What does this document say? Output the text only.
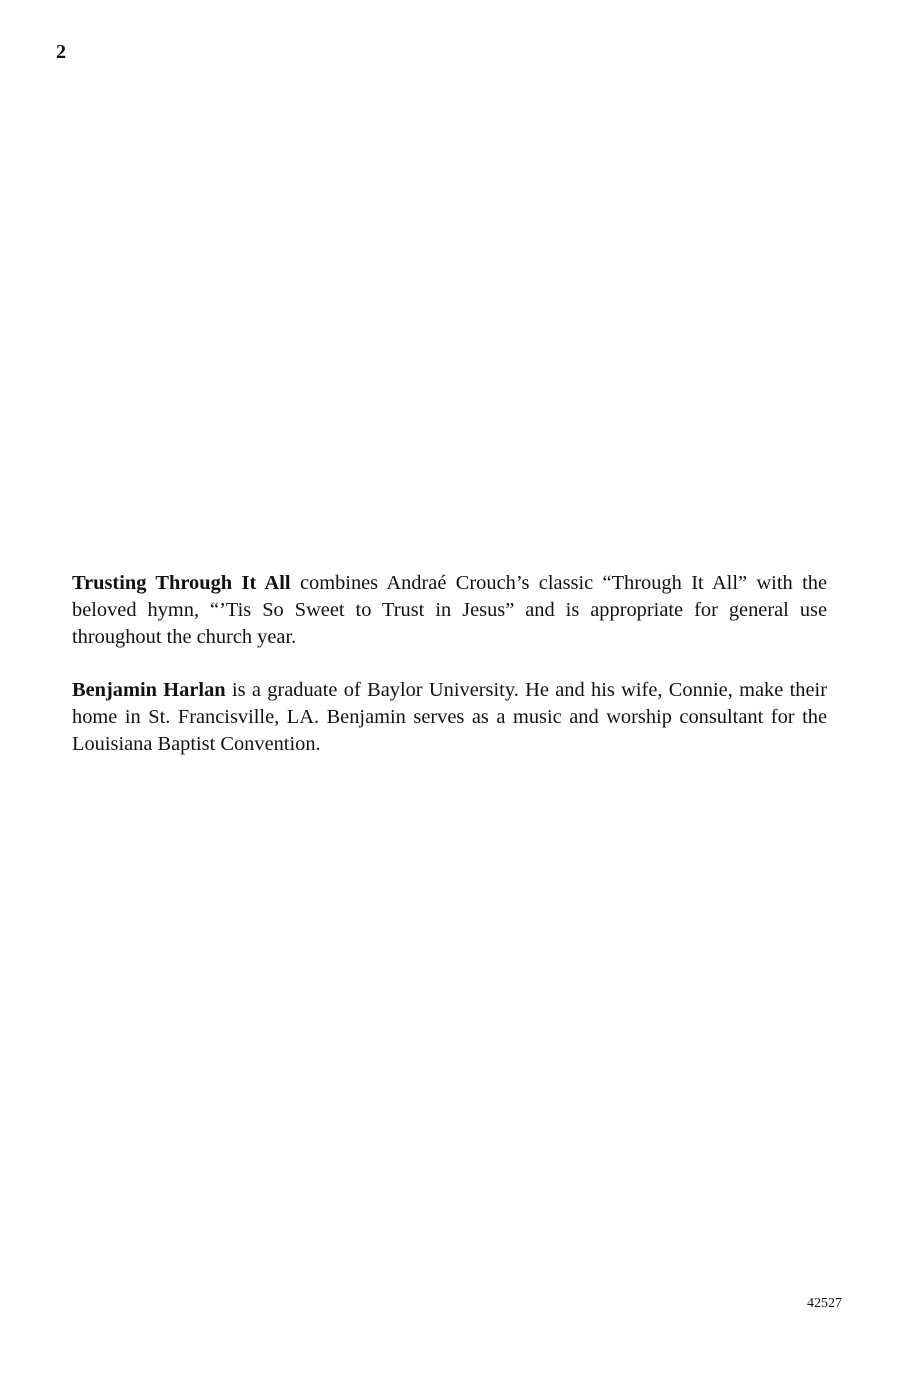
2

Trusting Through It All combines Andraé Crouch’s classic “Through It All” with the beloved hymn, “’Tis So Sweet to Trust in Jesus” and is appropriate for general use throughout the church year.

Benjamin Harlan is a graduate of Baylor University. He and his wife, Connie, make their home in St. Francisville, LA. Benjamin serves as a music and worship consultant for the Louisiana Baptist Convention.

42527
